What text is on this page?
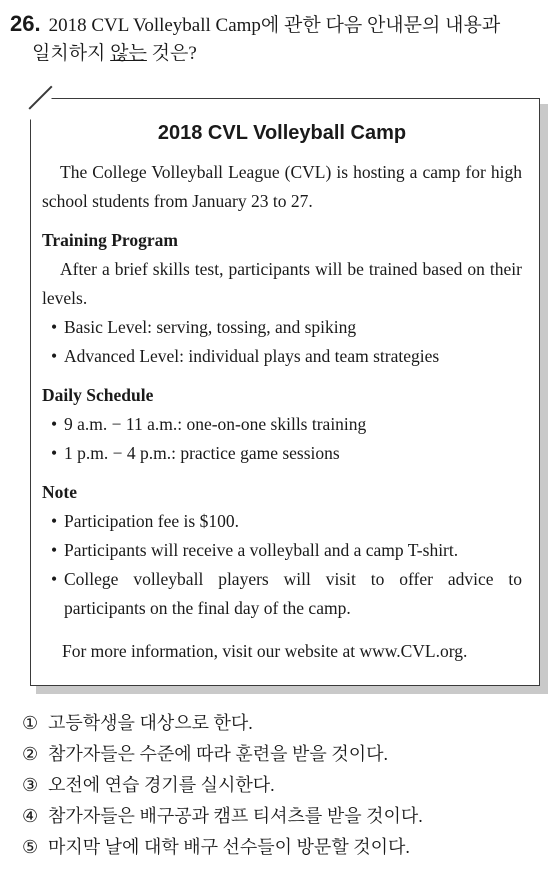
26. 2018 CVL Volleyball Camp에 관한 다음 안내문의 내용과
일치하지 않는 것은?
2018 CVL Volleyball Camp
The College Volleyball League (CVL) is hosting a camp for high school students from January 23 to 27.
Training Program
After a brief skills test, participants will be trained based on their levels.
• Basic Level: serving, tossing, and spiking
• Advanced Level: individual plays and team strategies
Daily Schedule
• 9 a.m. − 11 a.m.: one-on-one skills training
• 1 p.m. − 4 p.m.: practice game sessions
Note
• Participation fee is $100.
• Participants will receive a volleyball and a camp T-shirt.
• College volleyball players will visit to offer advice to participants on the final day of the camp.
For more information, visit our website at www.CVL.org.
① 고등학생을 대상으로 한다.
② 참가자들은 수준에 따라 훈련을 받을 것이다.
③ 오전에 연습 경기를 실시한다.
④ 참가자들은 배구공과 캠프 티셔츠를 받을 것이다.
⑤ 마지막 날에 대학 배구 선수들이 방문할 것이다.
